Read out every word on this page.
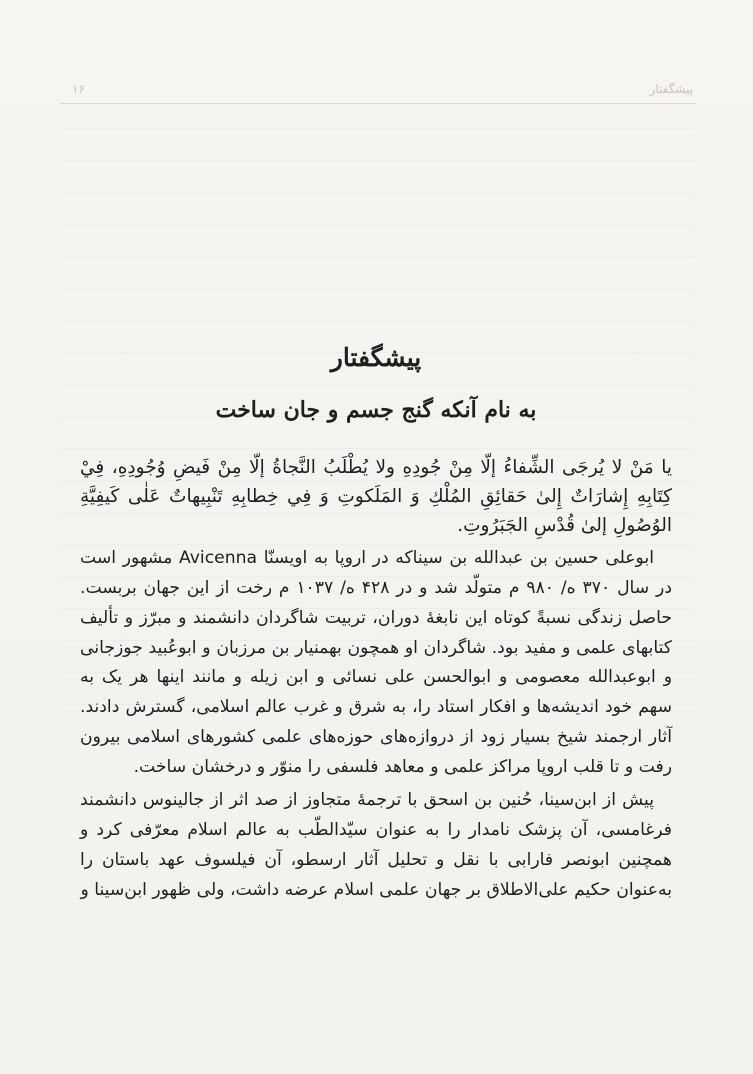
۱۶	پیشگفتار
پیشگفتار
به نام آنکه گنج جسم و جان ساخت

يا مَنْ لا يُرجَى الشِّفاءُ إلّا مِنْ جُودِهِ ولا يُطْلَبُ النَّجاةُ إلّا مِنْ فَيضِ وُجُودِهِ، فِيْ كِتَابِهِ إِشارَاتٌ إِلیٰ حَقائِقِ المُلْكِ وَ المَلَكوتِ وَ فِي خِطابِهِ تَنْبِيهاتٌ عَلٰى كَيفِيَّةِ الوُصُولِ إلىٰ قُدْسِ الجَبَرُوتِ.

ابوعلی حسین بن عبدالله بن سیناکه در اروپا به اویسنّا Avicenna مشهور است در سال ۳۷۰ ه/ ۹۸۰ م متولّد شد و در ۴۲۸ ه/ ۱۰۳۷ م رخت از این جهان بربست. حاصل زندگی نسبةً کوتاه این نابغهٔ دوران، تربیت شاگردان دانشمند و مبرّز و تألیف کتابهای علمی و مفید بود. شاگردان او همچون بهمنیار بن مرزبان و ابوعُبید جوزجانی و ابوعبدالله معصومی و ابوالحسن علی نسائی و ابن زیله و مانند اینها هر یک به سهم خود اندیشه‌ها و افکار استاد را، به شرق و غرب عالم اسلامی، گسترش دادند. آثار ارجمند شیخ بسیار زود از دروازه‌های حوزه‌های علمی کشورهای اسلامی بیرون رفت و تا قلب اروپا مراکز علمی و معاهد فلسفی را منوّر و درخشان ساخت.

پیش از ابن‌سینا، حُنین بن اسحق با ترجمهٔ متجاوز از صد اثر از جالینوس دانشمند فرغامسی، آن پزشک نامدار را به عنوان سیّدالطّب به عالم اسلام معرّفی کرد و همچنین ابونصر فارابی با نقل و تحلیل آثار ارسطو، آن فیلسوف عهد باستان را به‌عنوان حکیم علی‌الاطلاق بر جهان علمی اسلام عرضه داشت، ولی ظهور ابن‌سینا و
